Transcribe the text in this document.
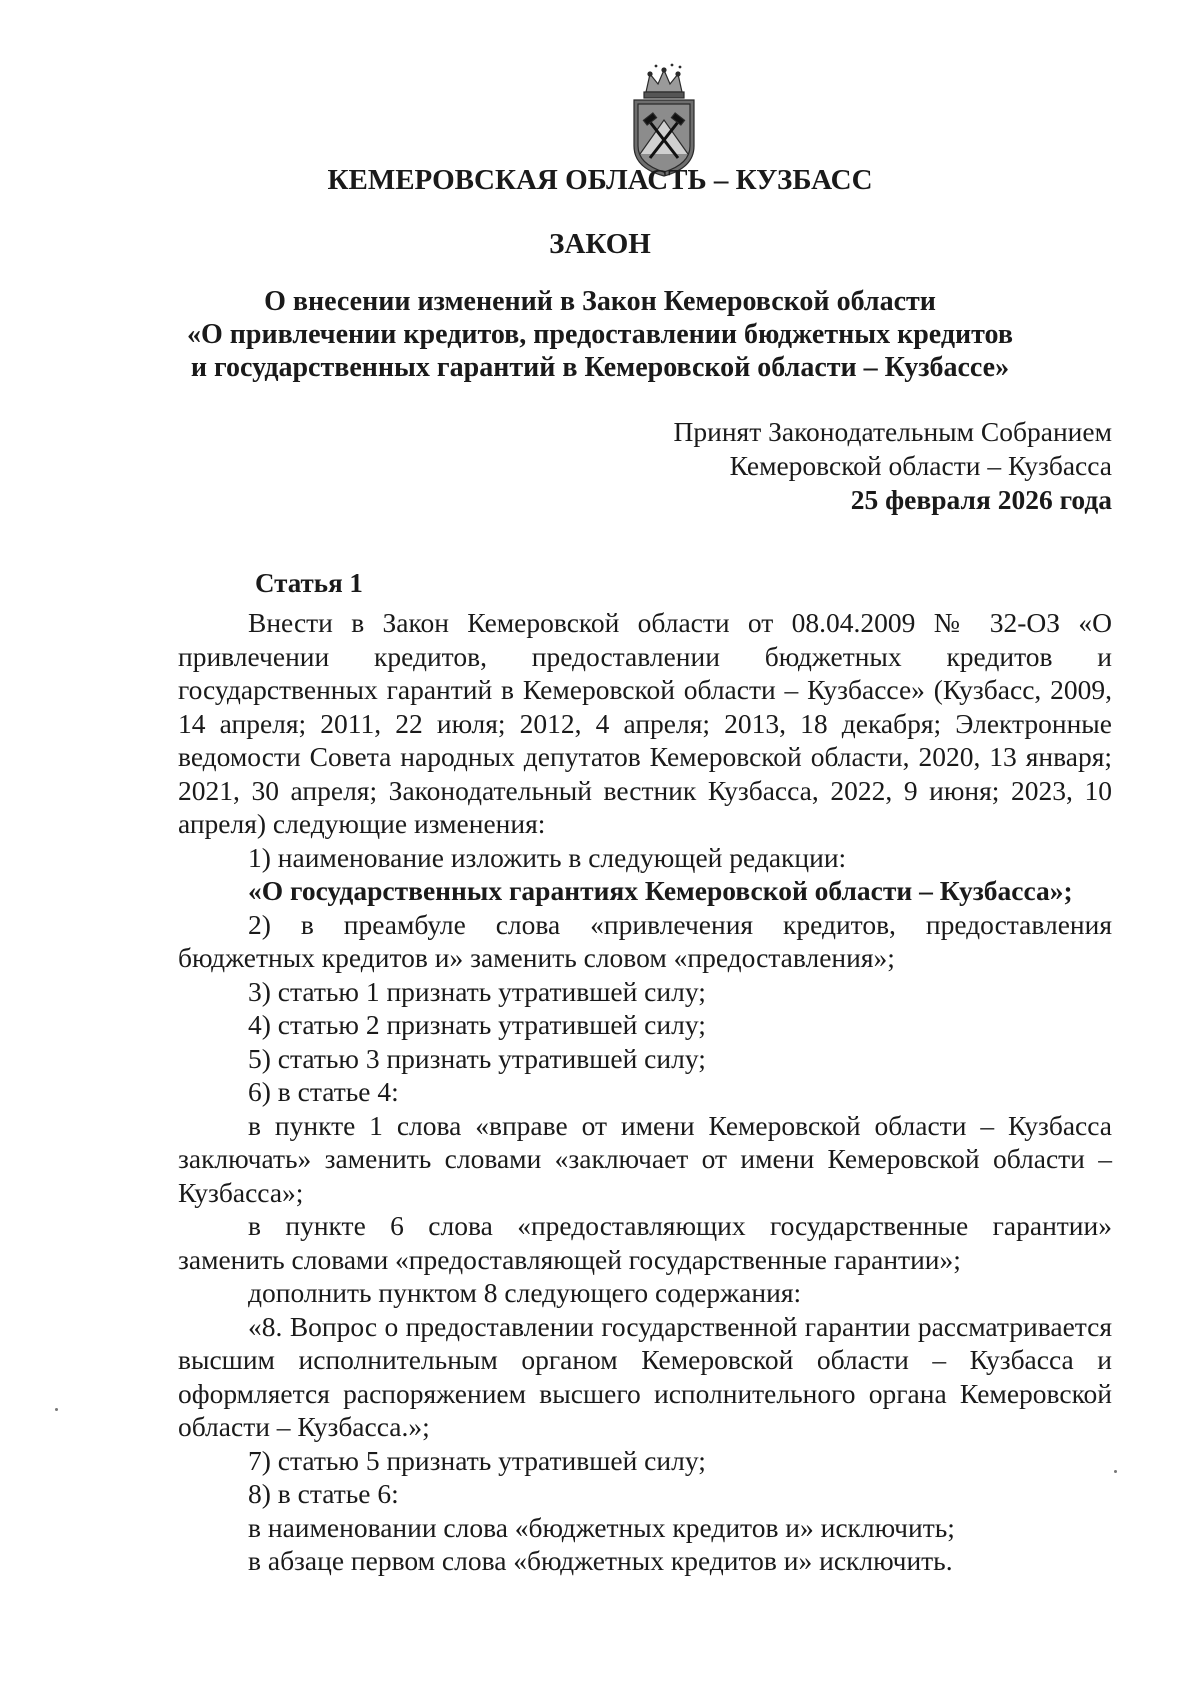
КЕМЕРОВСКАЯ ОБЛАСТЬ – КУЗБАСС
ЗАКОН
О внесении изменений в Закон Кемеровской области
«О привлечении кредитов, предоставлении бюджетных кредитов
и государственных гарантий в Кемеровской области – Кузбассе»
Принят Законодательным Собранием
Кемеровской области – Кузбасса
25 февраля 2026 года
Статья 1

Внести в Закон Кемеровской области от 08.04.2009 № 32-ОЗ «О привлечении кредитов, предоставлении бюджетных кредитов и государственных гарантий в Кемеровской области – Кузбассе» (Кузбасс, 2009, 14 апреля; 2011, 22 июля; 2012, 4 апреля; 2013, 18 декабря; Электронные ведомости Совета народных депутатов Кемеровской области, 2020, 13 января; 2021, 30 апреля; Законодательный вестник Кузбасса, 2022, 9 июня; 2023, 10 апреля) следующие изменения:

1) наименование изложить в следующей редакции:

«О государственных гарантиях Кемеровской области – Кузбасса»;

2) в преамбуле слова «привлечения кредитов, предоставления бюджетных кредитов и» заменить словом «предоставления»;

3) статью 1 признать утратившей силу;

4) статью 2 признать утратившей силу;

5) статью 3 признать утратившей силу;

6) в статье 4:

в пункте 1 слова «вправе от имени Кемеровской области – Кузбасса заключать» заменить словами «заключает от имени Кемеровской области – Кузбасса»;

в пункте 6 слова «предоставляющих государственные гарантии» заменить словами «предоставляющей государственные гарантии»;

дополнить пунктом 8 следующего содержания:

«8. Вопрос о предоставлении государственной гарантии рассматривается высшим исполнительным органом Кемеровской области – Кузбасса и оформляется распоряжением высшего исполнительного органа Кемеровской области – Кузбасса.»;

7) статью 5 признать утратившей силу;

8) в статье 6:

в наименовании слова «бюджетных кредитов и» исключить;

в абзаце первом слова «бюджетных кредитов и» исключить.
